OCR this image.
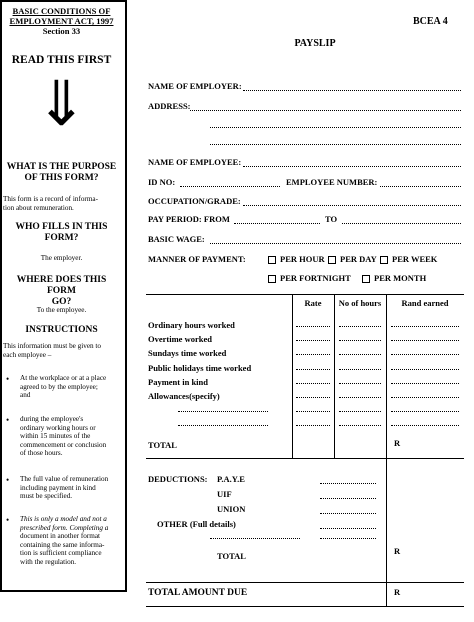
BCEA 4
BASIC CONDITIONS OF
EMPLOYMENT ACT, 1997
Section 33
READ THIS FIRST
⇓
WHAT IS THE PURPOSE
OF THIS FORM?
This form is a record of informa-
tion about remuneration.
WHO FILLS IN THIS
FORM?
The employer.
WHERE DOES THIS FORM
GO?
To the employee.
INSTRUCTIONS
This information must be given to
each employee –
• At the workplace or at a place
agreed to by the employee;
and
• during the employee's
ordinary working hours or
within 15 minutes of the
commencement or conclusion
of those hours.
• The full value of remuneration
including payment in kind
must be specified.
• This is only a model and not a
prescribed form. Completing a
document in another format
containing the same informa-
tion is sufficient compliance
with the regulation.
PAYSLIP
NAME OF EMPLOYER:
ADDRESS:
NAME OF EMPLOYEE:
ID NO:	EMPLOYEE NUMBER:
OCCUPATION/GRADE:
PAY PERIOD: FROM	TO
BASIC WAGE:
MANNER OF PAYMENT:	PER HOUR	PER DAY	PER WEEK
PER FORTNIGHT	PER MONTH
Rate	No of hours	Rand earned
Ordinary hours worked
Overtime worked
Sundays time worked
Public holidays time worked
Payment in kind
Allowances(specify)
TOTAL	R
DEDUCTIONS: P.A.Y.E
UIF
UNION
OTHER (Full details)
TOTAL	R
TOTAL AMOUNT DUE	R
